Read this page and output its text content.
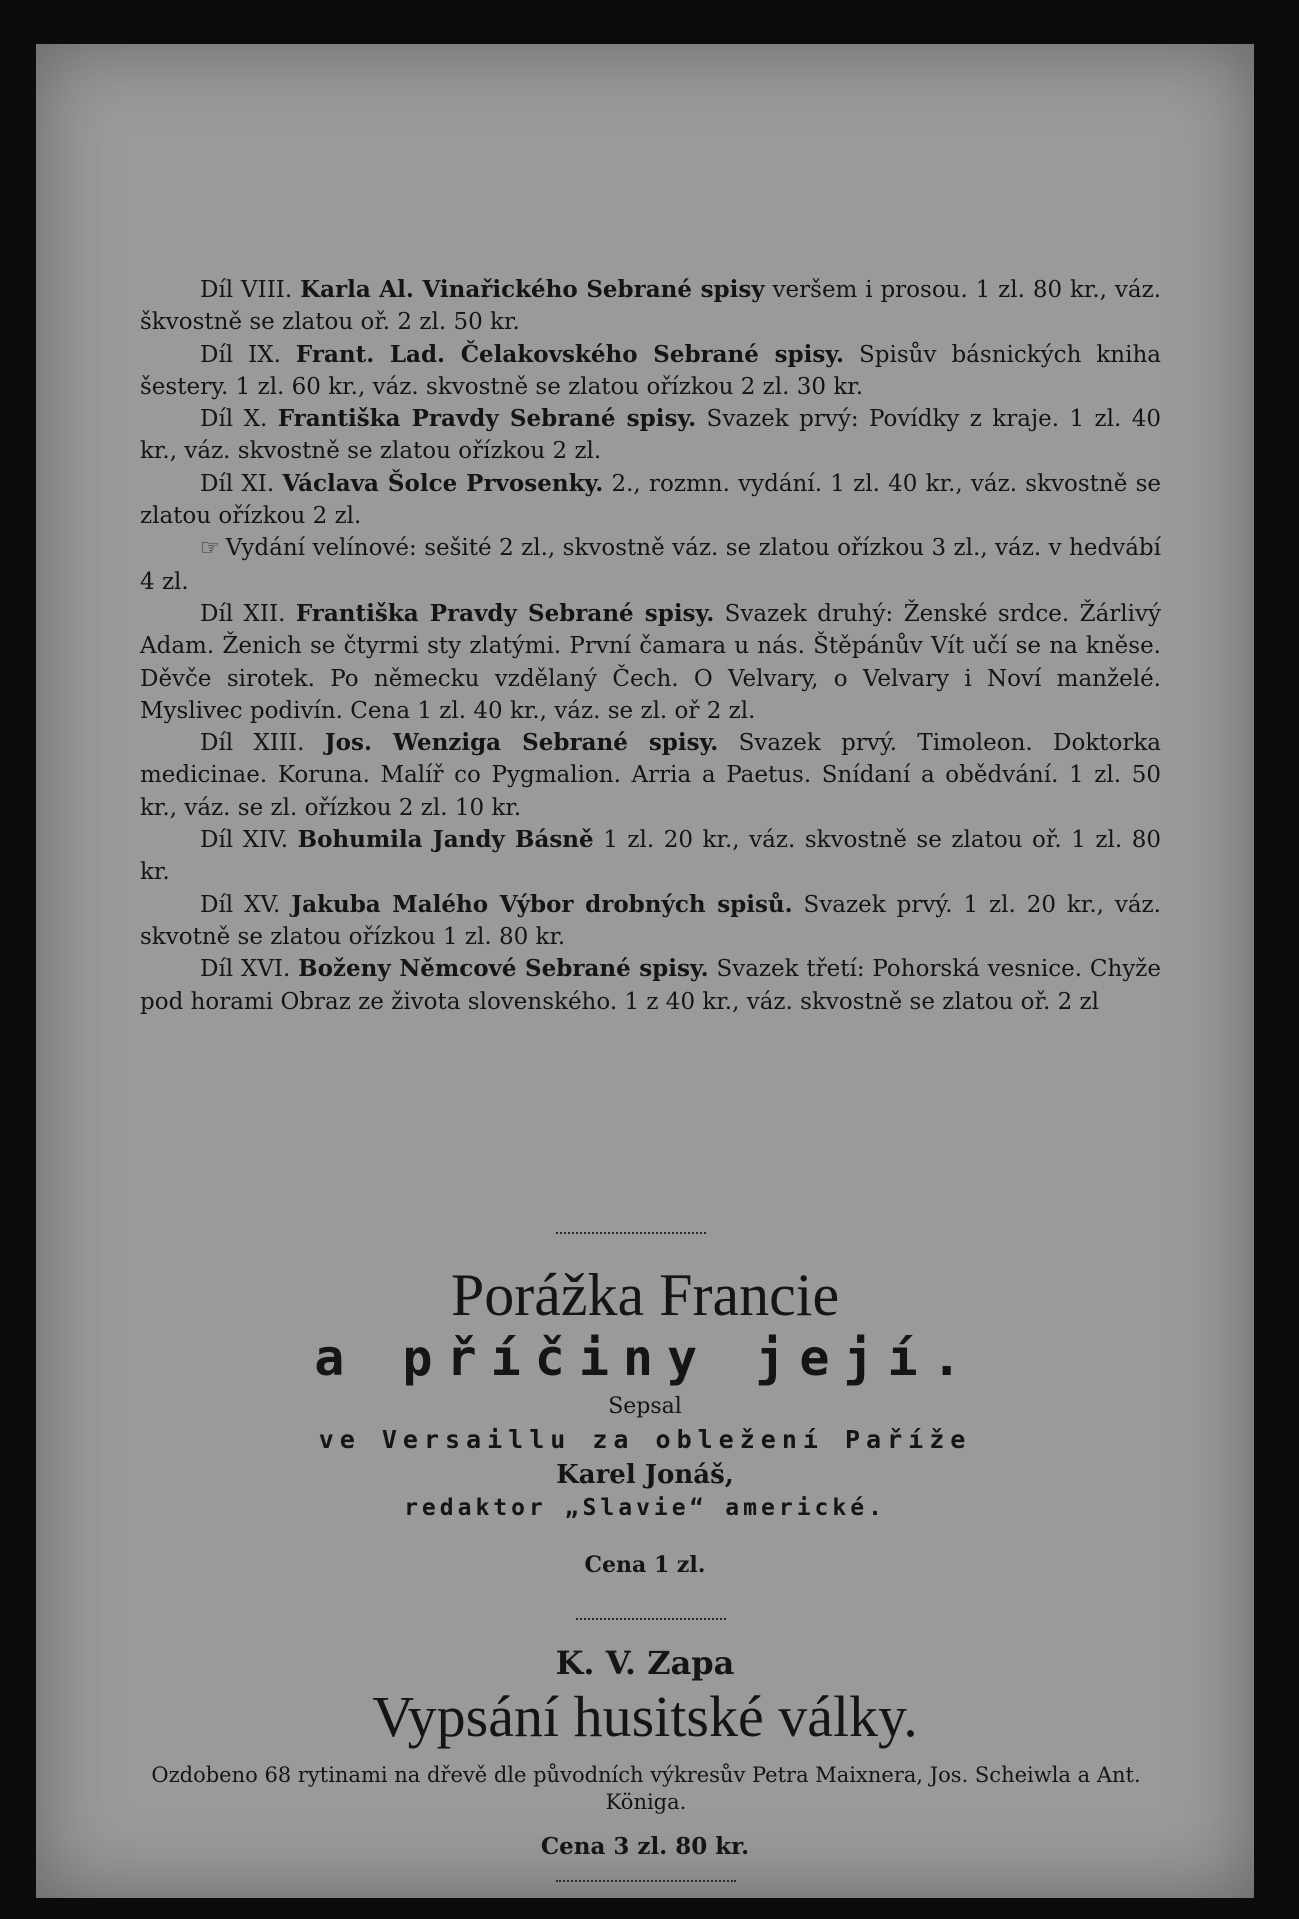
Díl VIII. Karla Al. Vinařického Sebrané spisy veršem i prosou. 1 zl. 80 kr., váz. škvostně se zlatou oř. 2 zl. 50 kr.

Díl IX. Frant. Lad. Čelakovského Sebrané spisy. Spisův básnických kniha šestery. 1 zl. 60 kr., váz. skvostně se zlatou ořízkou 2 zl. 30 kr.

Díl X. Františka Pravdy Sebrané spisy. Svazek prvý: Povídky z kraje. 1 zl. 40 kr., váz. skvostně se zlatou ořízkou 2 zl.

Díl XI. Václava Šolce Prvosenky. 2., rozmn. vydání. 1 zl. 40 kr., váz. skvostně se zlatou ořízkou 2 zl.

☞ Vydání velínové: sešité 2 zl., skvostně váz. se zlatou ořízkou 3 zl., váz. v hedvábí 4 zl.

Díl XII. Františka Pravdy Sebrané spisy. Svazek druhý: Ženské srdce. Žárlivý Adam. Ženich se čtyrmi sty zlatými. První čamara u nás. Štěpánův Vít učí se na kněse. Děvče sirotek. Po německu vzdělaný Čech. O Velvary, o Velvary i Noví manželé. Myslivec podivín. Cena 1 zl. 40 kr., váz. se zl. oř 2 zl.

Díl XIII. Jos. Wenziga Sebrané spisy. Svazek prvý. Timoleon. Doktorka medicinae. Koruna. Malíř co Pygmalion. Arria a Paetus. Snídaní a obědvání. 1 zl. 50 kr., váz. se zl. ořízkou 2 zl. 10 kr.

Díl XIV. Bohumila Jandy Básně 1 zl. 20 kr., váz. skvostně se zlatou oř. 1 zl. 80 kr.

Díl XV. Jakuba Malého Výbor drobných spisů. Svazek prvý. 1 zl. 20 kr., váz. skvotně se zlatou ořízkou 1 zl. 80 kr.

Díl XVI. Boženy Němcové Sebrané spisy. Svazek třetí: Pohorská vesnice. Chyže pod horami Obraz ze života slovenského. 1 z 40 kr., váz. skvostně se zlatou oř. 2 zl

Porážka Francie
a příčiny její.
Sepsal
ve Versaillu za obležení Paříže
Karel Jonáš,
redaktor „Slavie“ americké.
Cena 1 zl.
K. V. Zapa
Vypsání husitské války.
Ozdobeno 68 rytinami na dřevě dle původních výkresův Petra Maixnera, Jos. Scheiwla a Ant. Königa.
Cena 3 zl. 80 kr.
